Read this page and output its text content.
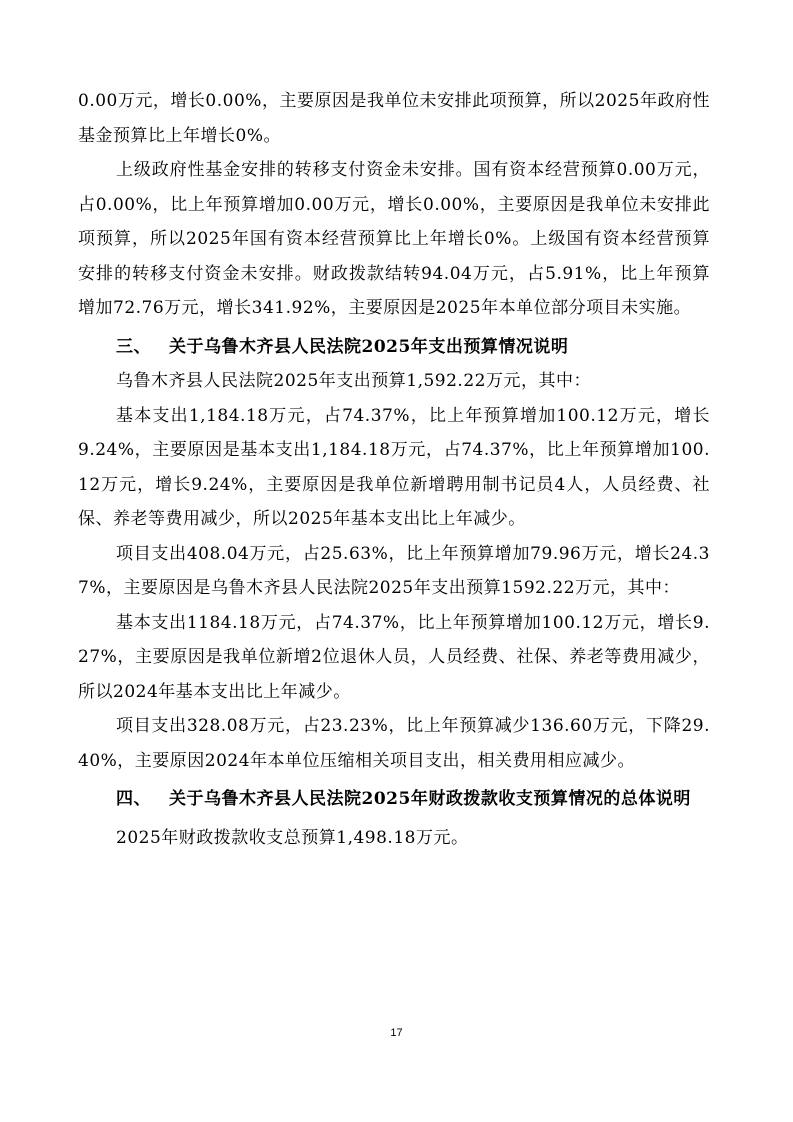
0.00万元，增长0.00%，主要原因是我单位未安排此项预算，所以2025年政府性基金预算比上年增长0%。

上级政府性基金安排的转移支付资金未安排。国有资本经营预算0.00万元，占0.00%，比上年预算增加0.00万元，增长0.00%，主要原因是我单位未安排此项预算，所以2025年国有资本经营预算比上年增长0%。上级国有资本经营预算安排的转移支付资金未安排。财政拨款结转94.04万元，占5.91%，比上年预算增加72.76万元，增长341.92%，主要原因是2025年本单位部分项目未实施。

三、 关于乌鲁木齐县人民法院2025年支出预算情况说明

乌鲁木齐县人民法院2025年支出预算1,592.22万元，其中：

基本支出1,184.18万元，占74.37%，比上年预算增加100.12万元，增长9.24%，主要原因是基本支出1,184.18万元，占74.37%，比上年预算增加100.12万元，增长9.24%，主要原因是我单位新增聘用制书记员4人，人员经费、社保、养老等费用减少，所以2025年基本支出比上年减少。

项目支出408.04万元，占25.63%，比上年预算增加79.96万元，增长24.37%，主要原因是乌鲁木齐县人民法院2025年支出预算1592.22万元，其中：

基本支出1184.18万元，占74.37%，比上年预算增加100.12万元，增长9.27%，主要原因是我单位新增2位退休人员，人员经费、社保、养老等费用减少，所以2024年基本支出比上年减少。

项目支出328.08万元，占23.23%，比上年预算减少136.60万元，下降29.40%，主要原因2024年本单位压缩相关项目支出，相关费用相应减少。

四、 关于乌鲁木齐县人民法院2025年财政拨款收支预算情况的总体说明

2025年财政拨款收支总预算1,498.18万元。

17
